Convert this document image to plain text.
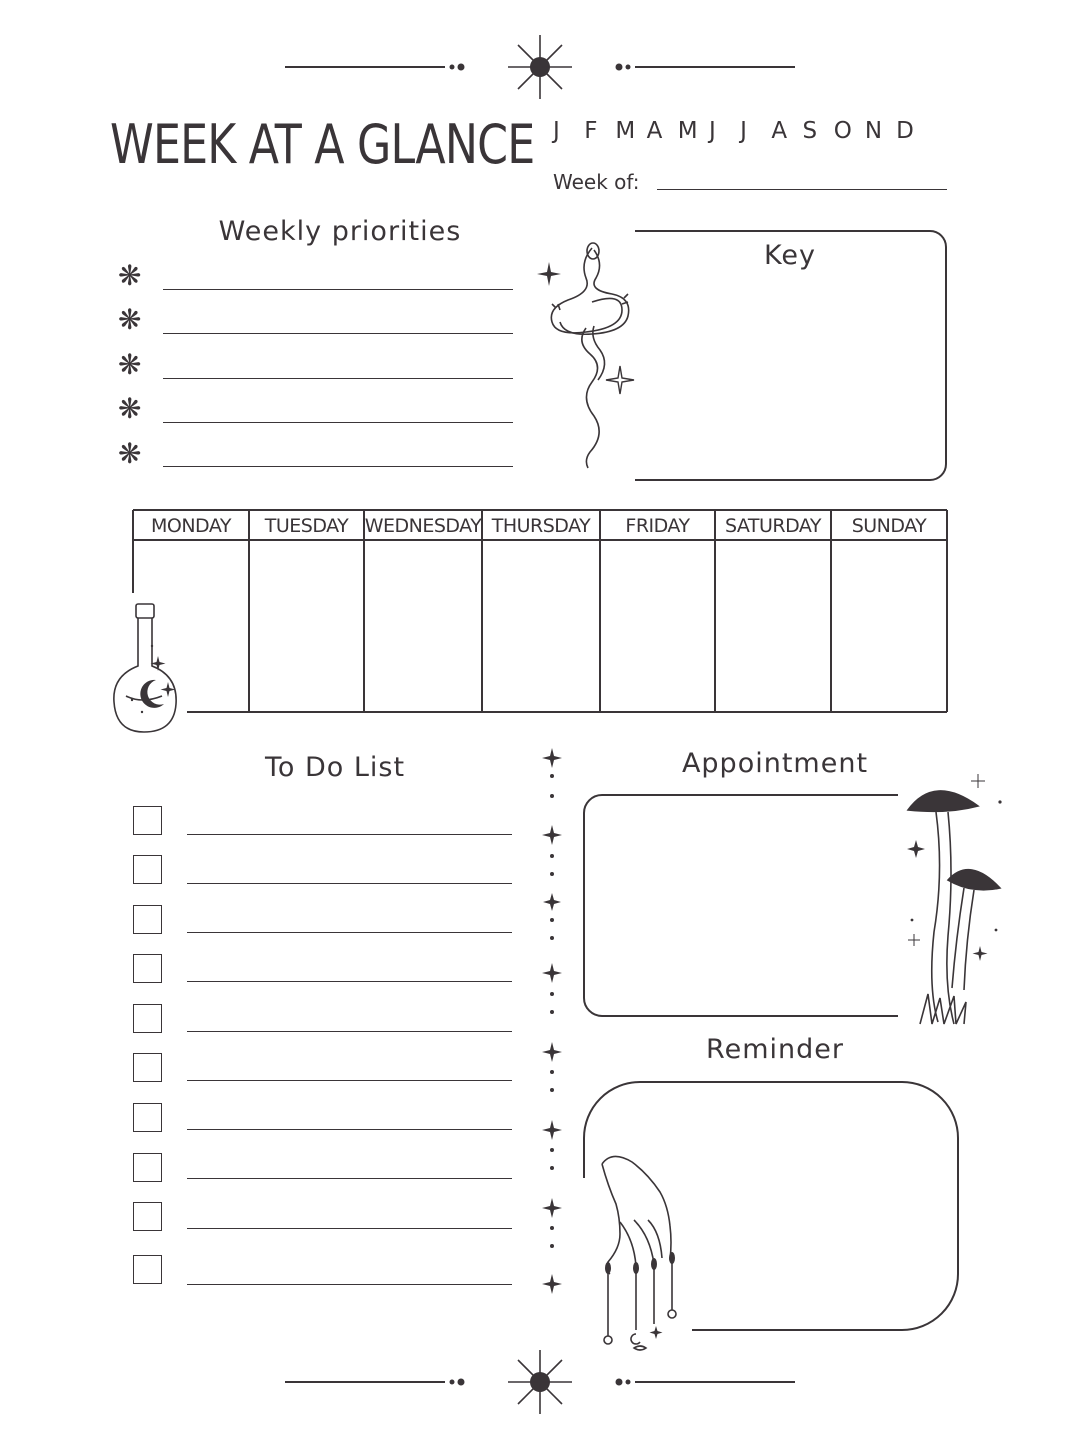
WEEK AT A GLANCE J	F M A M J	J	A S O N D
Week of:
Weekly priorities
❋
❋
❋
❋
❋
Key
MONDAY	TUESDAY WEDNESDAY THURSDAY	FRIDAY	SATURDAY	SUNDAY
To Do List	Appointment
Reminder
